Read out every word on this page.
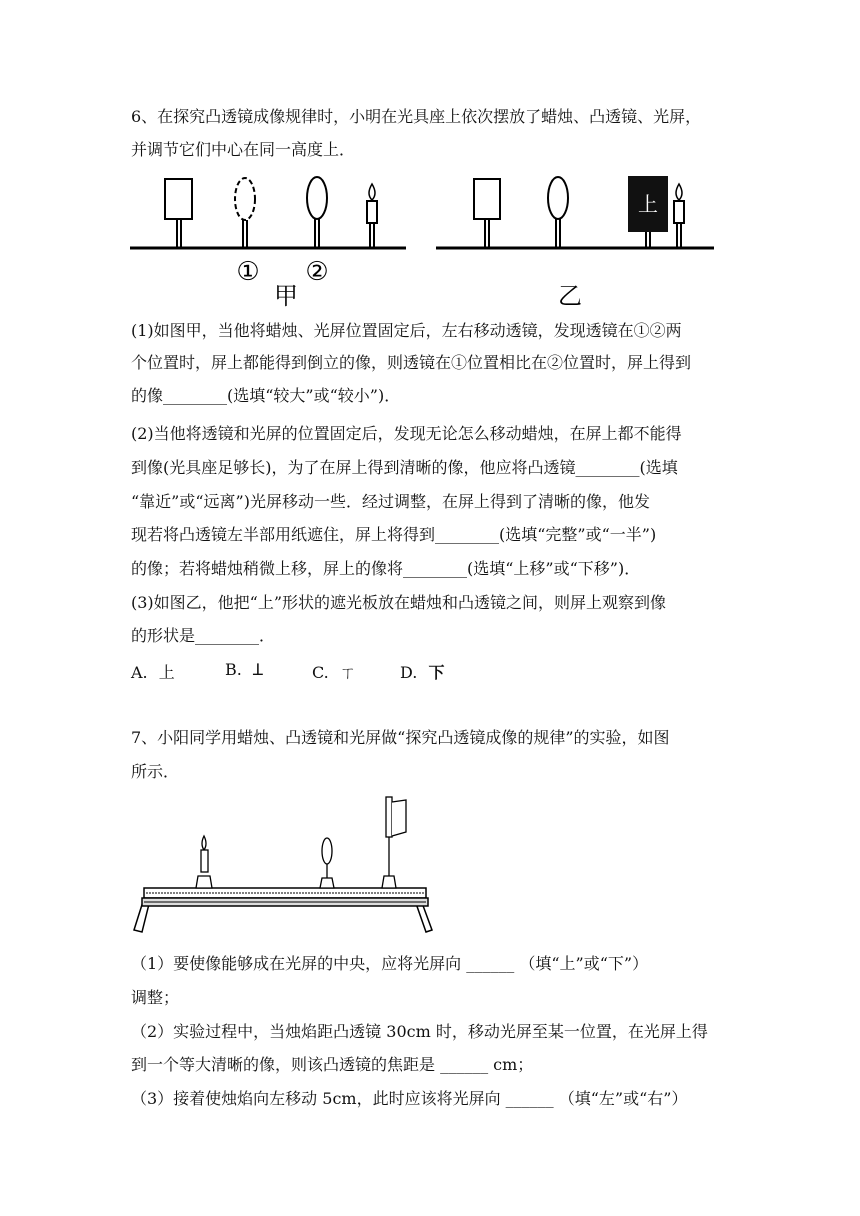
6、在探究凸透镜成像规律时，小明在光具座上依次摆放了蜡烛、凸透镜、光屏，
并调节它们中心在同一高度上．
① ②
甲
上
乙
(1)如图甲，当他将蜡烛、光屏位置固定后，左右移动透镜，发现透镜在①②两
个位置时，屏上都能得到倒立的像，则透镜在①位置相比在②位置时，屏上得到
的像________(选填“较大”或“较小”)．
(2)当他将透镜和光屏的位置固定后，发现无论怎么移动蜡烛，在屏上都不能得
到像(光具座足够长)，为了在屏上得到清晰的像，他应将凸透镜________(选填
“靠近”或“远离”)光屏移动一些．经过调整，在屏上得到了清晰的像，他发
现若将凸透镜左半部用纸遮住，屏上将得到________(选填“完整”或“一半”)
的像；若将蜡烛稍微上移，屏上的像将________(选填“上移”或“下移”)．
(3)如图乙，他把“上”形状的遮光板放在蜡烛和凸透镜之间，则屏上观察到像
的形状是________．
A. 上	B. ꓕ	C. ㄒ	D. 下
7、小阳同学用蜡烛、凸透镜和光屏做“探究凸透镜成像的规律”的实验，如图
所示．
（1）要使像能够成在光屏的中央，应将光屏向 ______ （填“上”或“下”）
调整；
（2）实验过程中，当烛焰距凸透镜 30cm 时，移动光屏至某一位置，在光屏上得
到一个等大清晰的像，则该凸透镜的焦距是 ______ cm；
（3）接着使烛焰向左移动 5cm，此时应该将光屏向 ______ （填“左”或“右”）
